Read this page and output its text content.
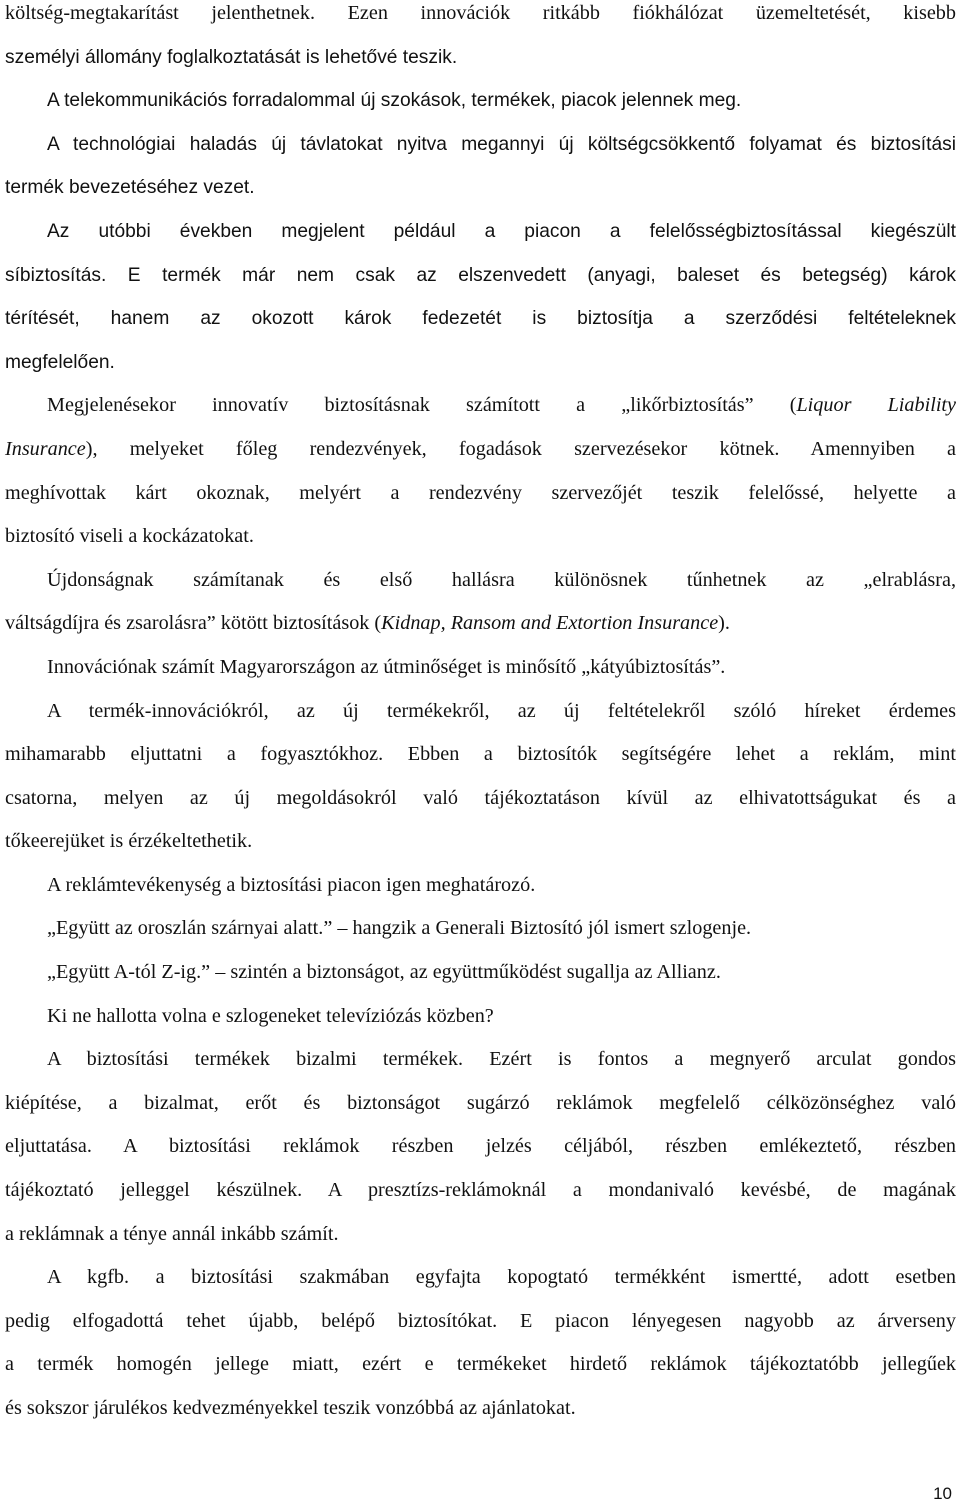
költség-megtakarítást jelenthetnek. Ezen innovációk ritkább fiókhálózat üzemeltetését, kisebb
személyi állomány foglalkoztatását is lehetővé teszik.
A telekommunikációs forradalommal új szokások, termékek, piacok jelennek meg.
A technológiai haladás új távlatokat nyitva megannyi új költségcsökkentő folyamat és biztosítási
termék bevezetéséhez vezet.
Az utóbbi években megjelent például a piacon a felelősségbiztosítással kiegészült
síbiztosítás. E termék már nem csak az elszenvedett (anyagi, baleset és betegség) károk
térítését, hanem az okozott károk fedezetét is biztosítja a szerződési feltételeknek
megfelelően.
Megjelenésekor innovatív biztosításnak számított a „likőrbiztosítás” (Liquor Liability
Insurance), melyeket főleg rendezvények, fogadások szervezésekor kötnek. Amennyiben a
meghívottak kárt okoznak, melyért a rendezvény szervezőjét teszik felelőssé, helyette a
biztosító viseli a kockázatokat.
Újdonságnak számítanak és első hallásra különösnek tűnhetnek az „elrablásra,
váltságdíjra és zsarolásra” kötött biztosítások (Kidnap, Ransom and Extortion Insurance).
Innovációnak számít Magyarországon az útminőséget is minősítő „kátyúbiztosítás”.
A termék-innovációkról, az új termékekről, az új feltételekről szóló híreket érdemes
mihamarabb eljuttatni a fogyasztókhoz. Ebben a biztosítók segítségére lehet a reklám, mint
csatorna, melyen az új megoldásokról való tájékoztatáson kívül az elhivatottságukat és a
tőkeerejüket is érzékeltethetik.
A reklámtevékenység a biztosítási piacon igen meghatározó.
„Együtt az oroszlán szárnyai alatt.” – hangzik a Generali Biztosító jól ismert szlogenje.
„Együtt A-tól Z-ig.” – szintén a biztonságot, az együttműködést sugallja az Allianz.
Ki ne hallotta volna e szlogeneket televíziózás közben?
A biztosítási termékek bizalmi termékek. Ezért is fontos a megnyerő arculat gondos
kiépítése, a bizalmat, erőt és biztonságot sugárzó reklámok megfelelő célközönséghez való
eljuttatása. A biztosítási reklámok részben jelzés céljából, részben emlékeztető, részben
tájékoztató jelleggel készülnek. A presztízs-reklámoknál a mondanivaló kevésbé, de magának
a reklámnak a ténye annál inkább számít.
A kgfb. a biztosítási szakmában egyfajta kopogtató termékként ismertté, adott esetben
pedig elfogadottá tehet újabb, belépő biztosítókat. E piacon lényegesen nagyobb az árverseny
a termék homogén jellege miatt, ezért e termékeket hirdető reklámok tájékoztatóbb jellegűek
és sokszor járulékos kedvezményekkel teszik vonzóbbá az ajánlatokat.
10
